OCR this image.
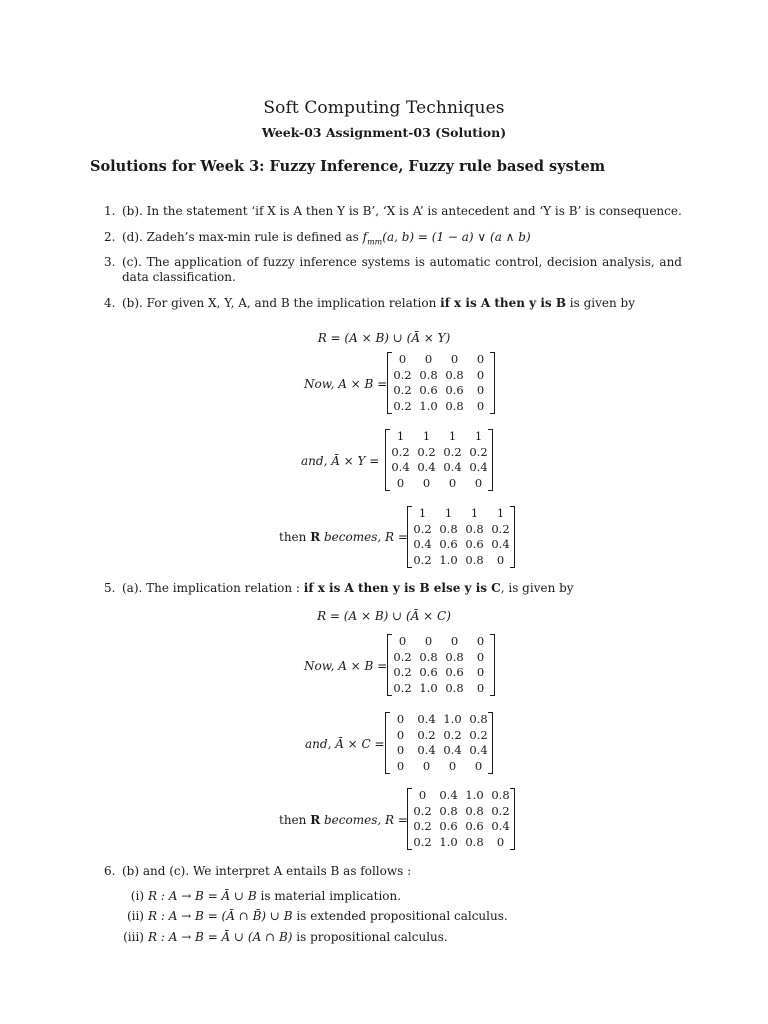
Soft Computing Techniques
Week-03 Assignment-03 (Solution)
Solutions for Week 3: Fuzzy Inference, Fuzzy rule based system
1. (b). In the statement ‘if X is A then Y is B’, ‘X is A’ is antecedent and ‘Y is B’ is consequence.
2. (d). Zadeh’s max-min rule is defined as $f_{mm}(a$, b) = (1 − a) ∨ (a ∧ b)
3. (c). The application of fuzzy inference systems is automatic control, decision analysis, and data classification.
4. (b). For given X, Y, A, and B the implication relation if x is A then y is B is given by
R = (A × B) ∪ (Ā × Y)
Now, A × B =
0	0	0	0
0.2 0.8 0.8	0
0.2 0.6 0.6	0
0.2 1.0 0.8	0
and, Ā × Y =
1	1	1	1
0.2 0.2 0.2 0.2
0.4 0.4 0.4 0.4
0	0	0	0
then R becomes, R =
1	1	1	1
0.2 0.8 0.8 0.2
0.4 0.6 0.6 0.4
0.2 1.0 0.8	0
5. (a). The implication relation : if x is A then y is B else y is C, is given by
R = (A × B) ∪ (Ā × C)
Now, A × B =
0	0	0	0
0.2 0.8 0.8	0
0.2 0.6 0.6	0
0.2 1.0 0.8	0
and, Ā × C =
0	0.4 1.0 0.8
0	0.2 0.2 0.2
0	0.4 0.4 0.4
0	0	0	0
then R becomes, R =
0	0.4 1.0 0.8
0.2 0.8 0.8 0.2
0.2 0.6 0.6 0.4
0.2 1.0 0.8	0
6. (b) and (c). We interpret A entails B as follows :
(i) R : A → B = Ā ∪ B is material implication.
(ii) R : A → B = (Ā ∩ B̄) ∪ B is extended propositional calculus.
(iii) R : A → B = Ā ∪ (A ∩ B) is propositional calculus.
